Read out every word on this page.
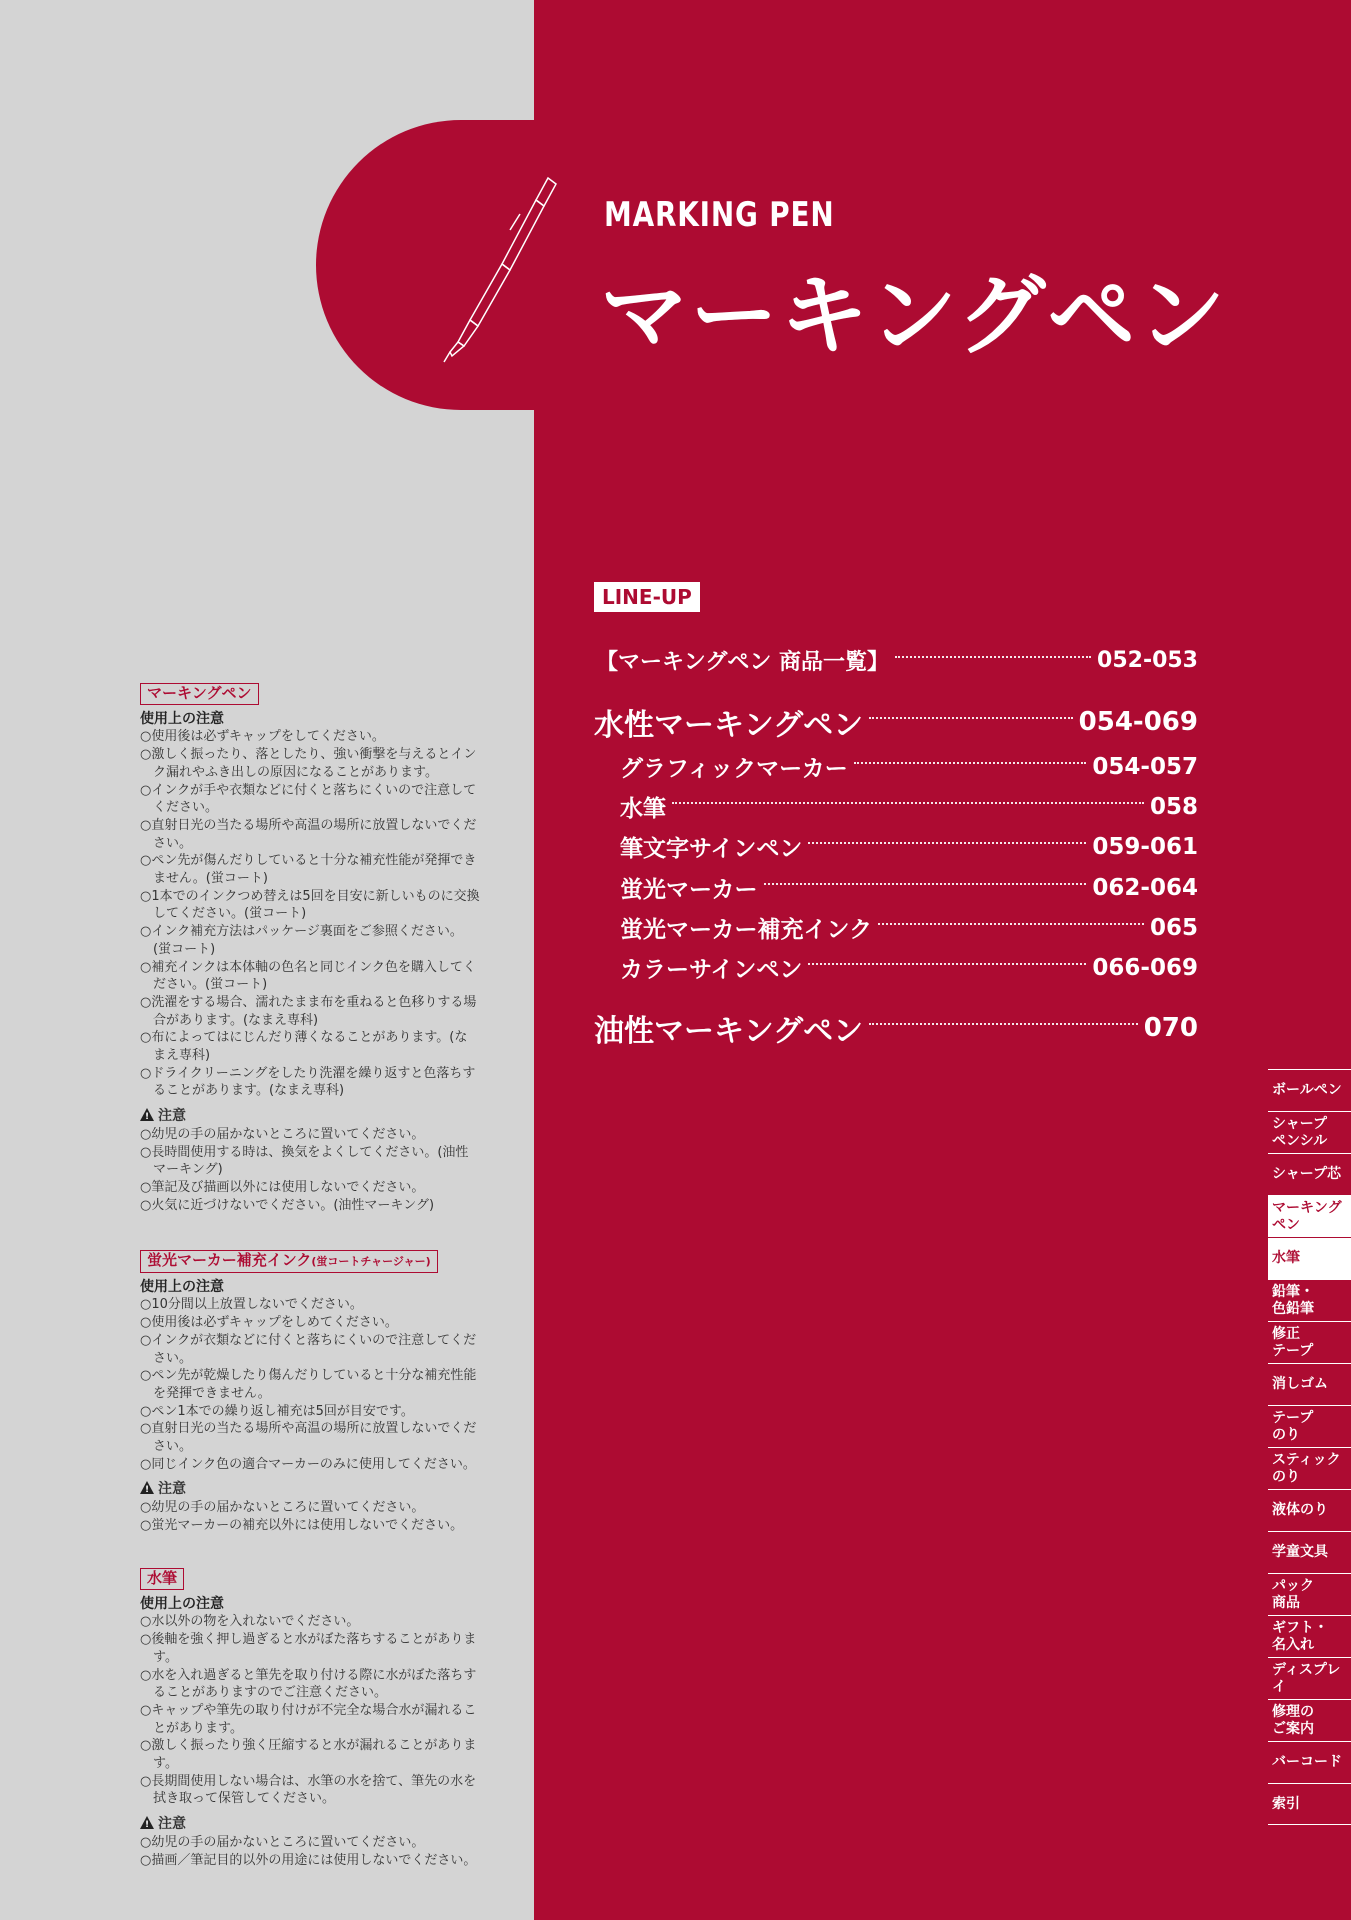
MARKING PEN
マーキングペン
LINE-UP
【マーキングペン 商品一覧】	052-053
水性マーキングペン	054-069
グラフィックマーカー	054-057
水筆	058
筆文字サインペン	059-061
蛍光マーカー	062-064
蛍光マーカー補充インク	065
カラーサインペン	066-069
油性マーキングペン	070
マーキングペン
使用上の注意
○使用後は必ずキャップをしてください。
○激しく振ったり、落としたり、強い衝撃を与えるとインク漏れやふき出しの原因になることがあります。
○インクが手や衣類などに付くと落ちにくいので注意してください。
○直射日光の当たる場所や高温の場所に放置しないでください。
○ペン先が傷んだりしていると十分な補充性能が発揮できません。(蛍コート)
○1本でのインクつめ替えは5回を目安に新しいものに交換してください。(蛍コート)
○インク補充方法はパッケージ裏面をご参照ください。(蛍コート)
○補充インクは本体軸の色名と同じインク色を購入してください。(蛍コート)
○洗濯をする場合、濡れたまま布を重ねると色移りする場合があります。(なまえ専科)
○布によってはにじんだり薄くなることがあります。(なまえ専科)
○ドライクリーニングをしたり洗濯を繰り返すと色落ちすることがあります。(なまえ専科)
!注意
○幼児の手の届かないところに置いてください。
○長時間使用する時は、換気をよくしてください。(油性マーキング)
○筆記及び描画以外には使用しないでください。
○火気に近づけないでください。(油性マーキング)
蛍光マーカー補充インク(蛍コートチャージャー)
使用上の注意
○10分間以上放置しないでください。
○使用後は必ずキャップをしめてください。
○インクが衣類などに付くと落ちにくいので注意してください。
○ペン先が乾燥したり傷んだりしていると十分な補充性能を発揮できません。
○ペン1本での繰り返し補充は5回が目安です。
○直射日光の当たる場所や高温の場所に放置しないでください。
○同じインク色の適合マーカーのみに使用してください。
!注意
○幼児の手の届かないところに置いてください。
○蛍光マーカーの補充以外には使用しないでください。
水筆
使用上の注意
○水以外の物を入れないでください。
○後軸を強く押し過ぎると水がぼた落ちすることがあります。
○水を入れ過ぎると筆先を取り付ける際に水がぼた落ちすることがありますのでご注意ください。
○キャップや筆先の取り付けが不完全な場合水が漏れることがあります。
○激しく振ったり強く圧縮すると水が漏れることがあります。
○長期間使用しない場合は、水筆の水を捨て、筆先の水を拭き取って保管してください。
!注意
○幼児の手の届かないところに置いてください。
○描画／筆記目的以外の用途には使用しないでください。
ボールペン
シャープ
ペンシル
シャープ芯
マーキング
ペン
水筆
鉛筆・
色鉛筆
修正
テープ
消しゴム
テープ
のり
スティック
のり
液体のり
学童文具
パック
商品
ギフト・
名入れ
ディスプレイ
修理の
ご案内
バーコード
索引
